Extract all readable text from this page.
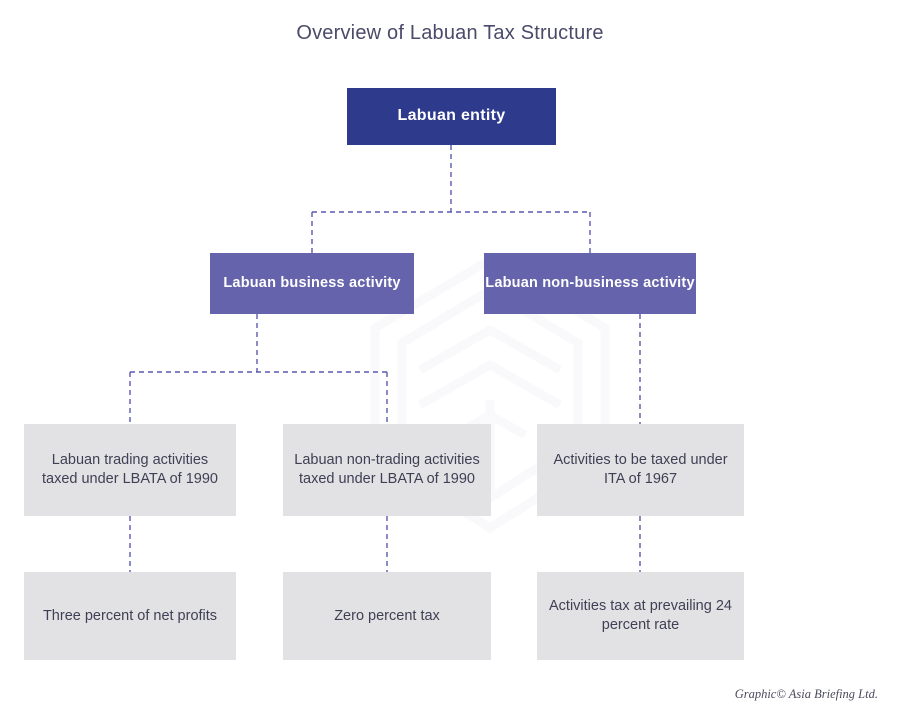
Overview of Labuan Tax Structure
Labuan entity
Labuan business activity	Labuan non-business activity
Labuan trading activities taxed under LBATA of 1990
Labuan non-trading activities taxed under LBATA of 1990
Activities to be taxed under ITA of 1967
Three percent of net profits	Zero percent tax
Activities tax at prevailing 24 percent rate
Graphic© Asia Briefing Ltd.
